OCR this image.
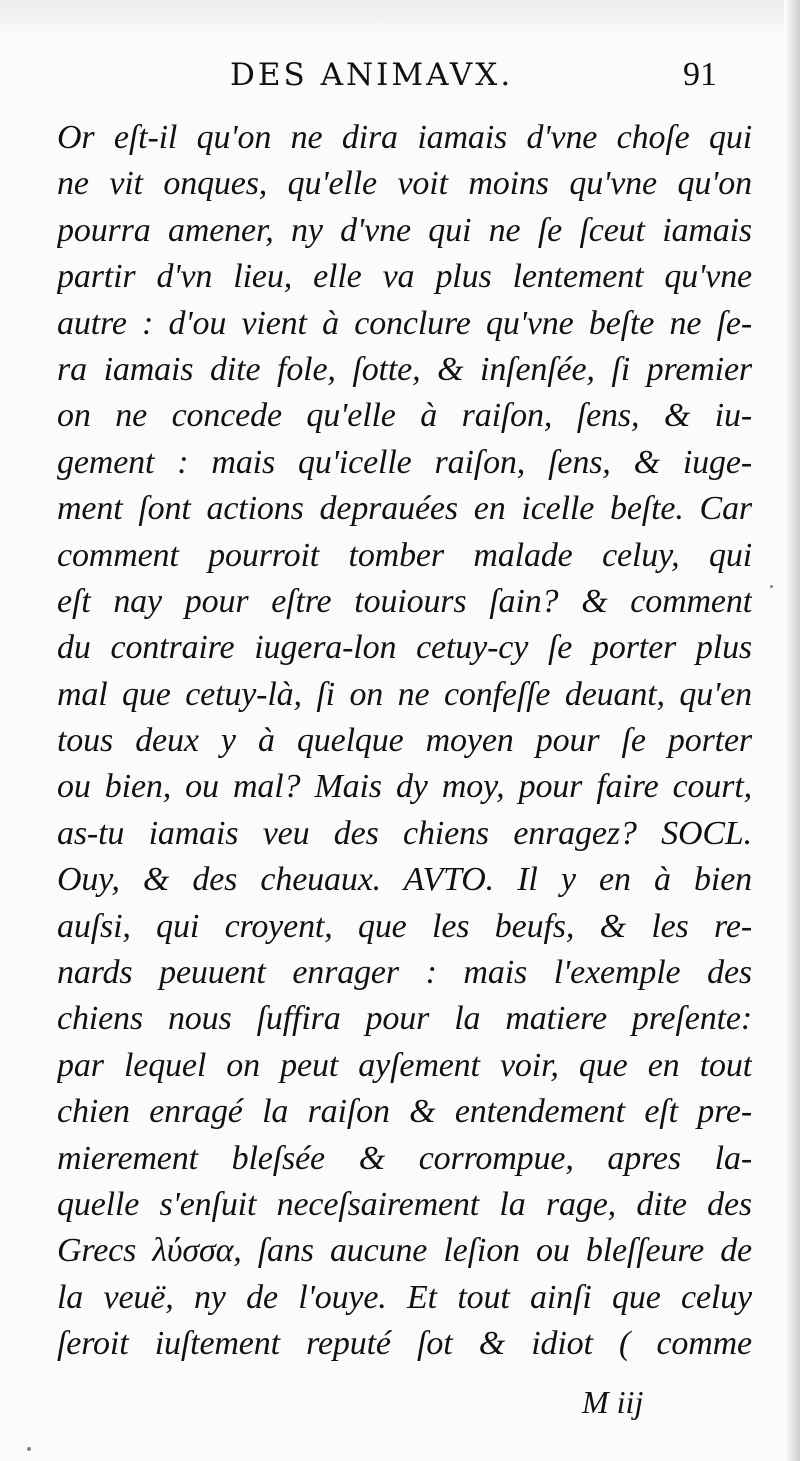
DES ANIMAVX.	91
Or eſt-il qu'on ne dira iamais d'vne choſe qui
ne vit onques, qu'elle voit moins qu'vne qu'on
pourra amener, ny d'vne qui ne ſe ſceut iamais
partir d'vn lieu, elle va plus lentement qu'vne
autre : d'ou vient à conclure qu'vne beſte ne ſe-
ra iamais dite fole, ſotte, & inſenſée, ſi premier
on ne concede qu'elle à raiſon, ſens, & iu-
gement : mais qu'icelle raiſon, ſens, & iuge-
ment ſont actions deprauées en icelle beſte. Car
comment pourroit tomber malade celuy, qui
eſt nay pour eſtre touiours ſain? & comment
du contraire iugera-lon cetuy-cy ſe porter plus
mal que cetuy-là, ſi on ne confeſſe deuant, qu'en
tous deux y à quelque moyen pour ſe porter
ou bien, ou mal? Mais dy moy, pour faire court,
as-tu iamais veu des chiens enragez? SOCL.
Ouy, & des cheuaux. AVTO. Il y en à bien
auſsi, qui croyent, que les beufs, & les re-
nards peuuent enrager : mais l'exemple des
chiens nous ſuffira pour la matiere preſente:
par lequel on peut ayſement voir, que en tout
chien enragé la raiſon & entendement eſt pre-
mierement bleſsée & corrompue, apres la-
quelle s'enſuit neceſsairement la rage, dite des
Grecs λύσσα, ſans aucune leſion ou bleſſeure de
la veuë, ny de l'ouye. Et tout ainſi que celuy
ſeroit iuſtement reputé ſot & idiot ( comme
M iij
